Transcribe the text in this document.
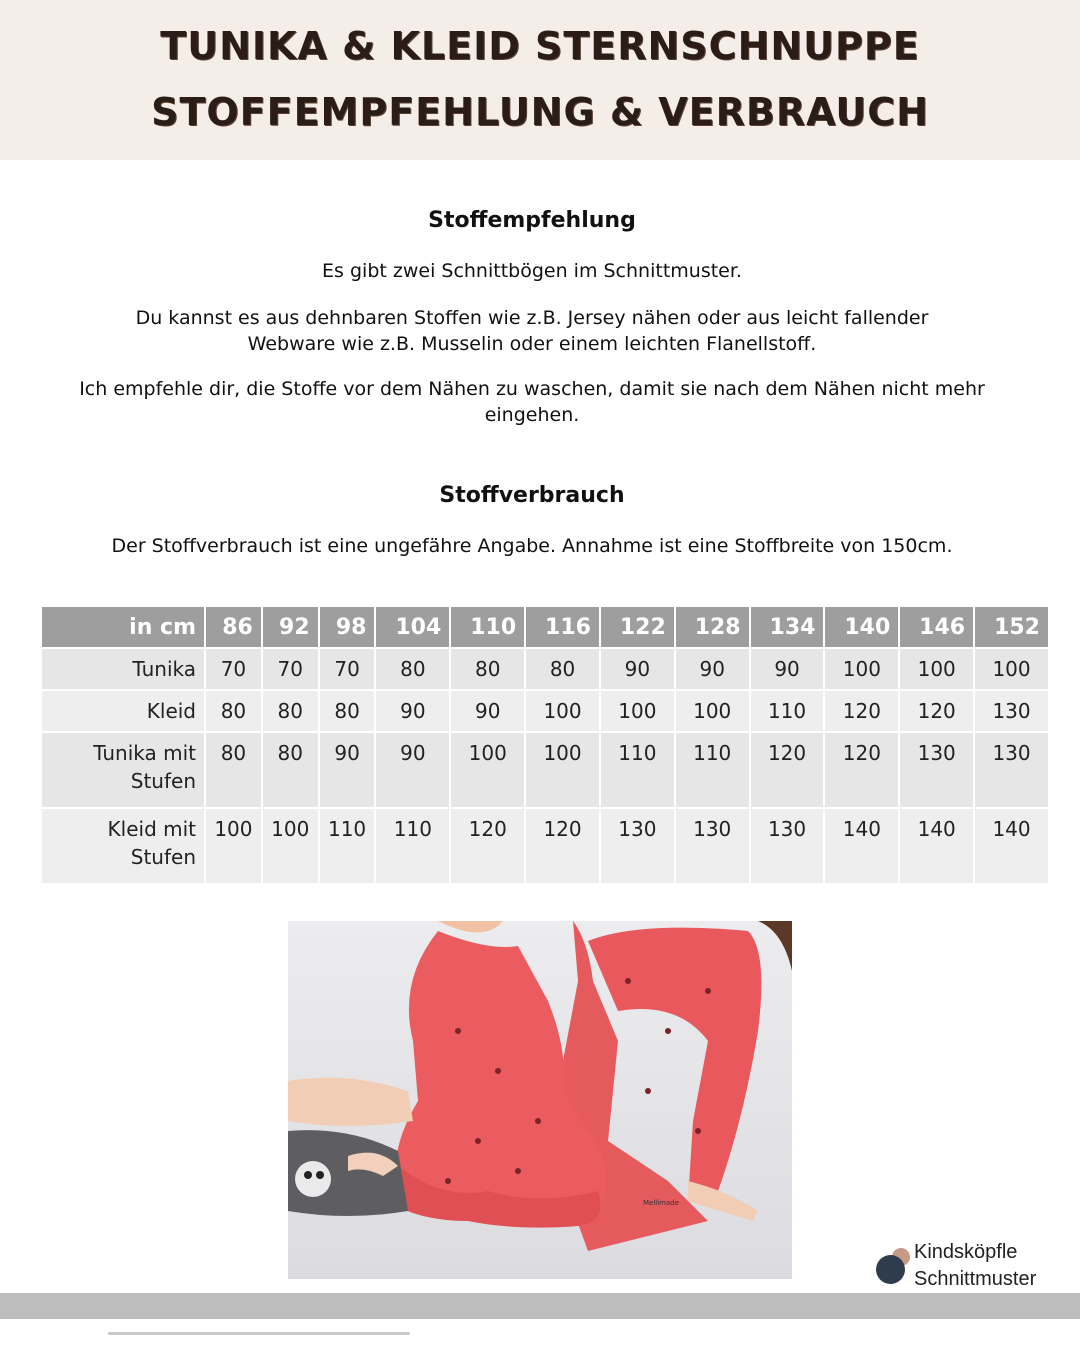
TUNIKA & KLEID STERNSCHNUPPE
STOFFEMPFEHLUNG & VERBRAUCH
Stoffempfehlung
Es gibt zwei Schnittbögen im Schnittmuster.
Du kannst es aus dehnbaren Stoffen wie z.B. Jersey nähen oder aus leicht fallender Webware wie z.B. Musselin oder einem leichten Flanellstoff.
Ich empfehle dir, die Stoffe vor dem Nähen zu waschen, damit sie nach dem Nähen nicht mehr eingehen.
Stoffverbrauch
Der Stoffverbrauch ist eine ungefähre Angabe. Annahme ist eine Stoffbreite von 150cm.
in cm	86	92	98	104	110	116	122	128	134	140	146	152

Tunika	70	70	70	80	80	80	90	90	90	100	100	100

Kleid	80	80	80	90	90	100	100	100	110	120	120	130

Tunika mit
Stufen	80	80	90	90	100	100	110	110	120	120	130	130

Kleid mit
Stufen	100	100	110	110	120	120	130	130	130	140	140	140
Mellimade
Kindsköpfle
Schnittmuster
